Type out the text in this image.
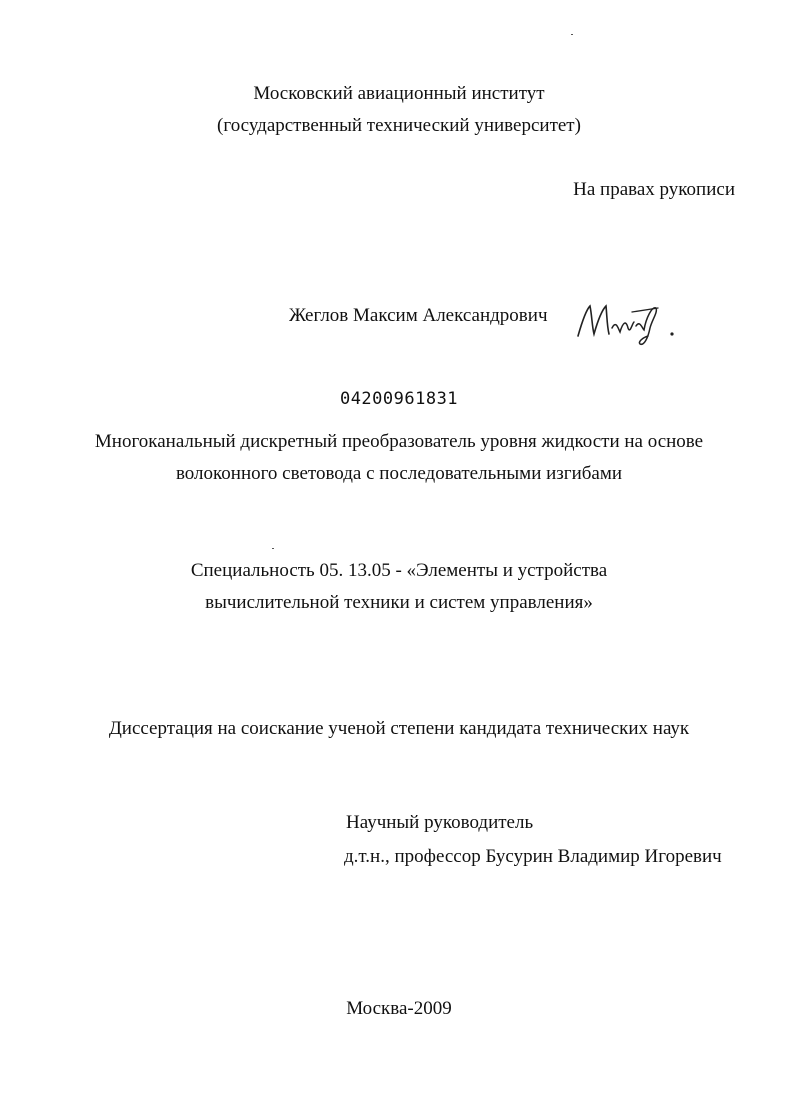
Московский авиационный институт
(государственный технический университет)
На правах рукописи
Жеглов Максим Александрович
04200961831
Многоканальный дискретный преобразователь уровня жидкости на основе
волоконного световода с последовательными изгибами
Специальность 05. 13.05 - «Элементы и устройства
вычислительной техники и систем управления»
Диссертация на соискание ученой степени кандидата технических наук
Научный руководитель
д.т.н., профессор Бусурин Владимир Игоревич
Москва-2009
